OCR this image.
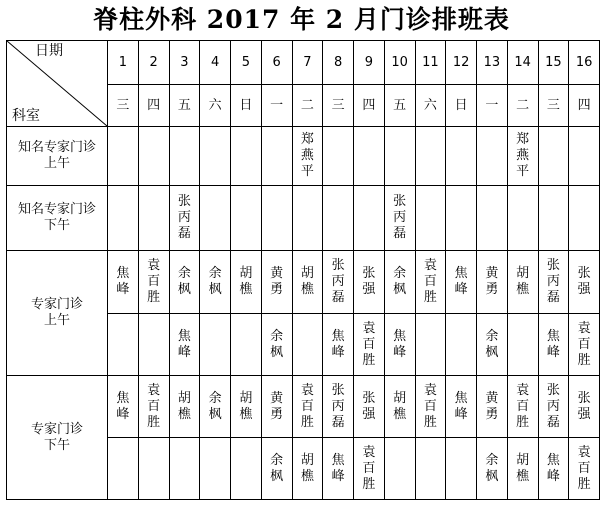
脊柱外科 2017 年 2 月门诊排班表
日期
科室	1	2	3	4	5	6	7	8	9	10	11	12	13	14	15	16
	三	四	五	六	日	一	二	三	四	五	六	日	一	二	三	四

知名专家门诊
上午							郑燕平							郑燕平		

知名专家门诊
下午			张丙磊							张丙磊						

专家门诊
上午	焦峰	袁百胜	余枫	余枫	胡樵	黄勇	胡樵	张丙磊	张强	余枫	袁百胜	焦峰	黄勇	胡樵	张丙磊	张强
			焦峰			余枫		焦峰	袁百胜	焦峰			余枫		焦峰	袁百胜

专家门诊
下午	焦峰	袁百胜	胡樵	余枫	胡樵	黄勇	袁百胜	张丙磊	张强	胡樵	袁百胜	焦峰	黄勇	袁百胜	张丙磊	张强
						余枫	胡樵	焦峰	袁百胜				余枫	胡樵	焦峰	袁百胜
